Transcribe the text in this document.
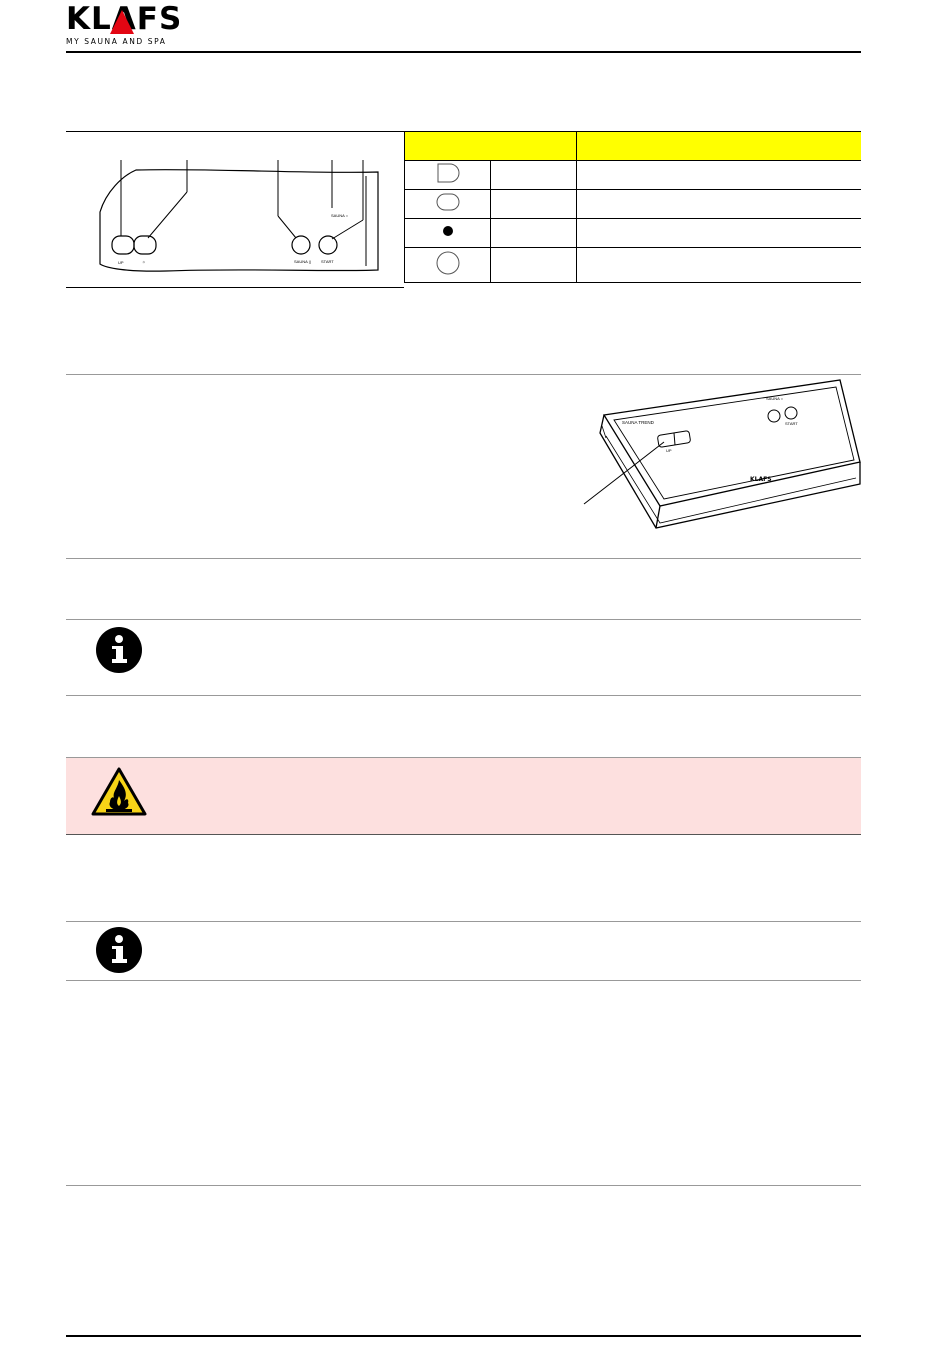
KLAFS
MY SAUNA AND SPA
UP	☼	SAUNA ||	START
SAUNA ○

SAUNA TREND
UP
SAUNA ○
START
KLAFS
